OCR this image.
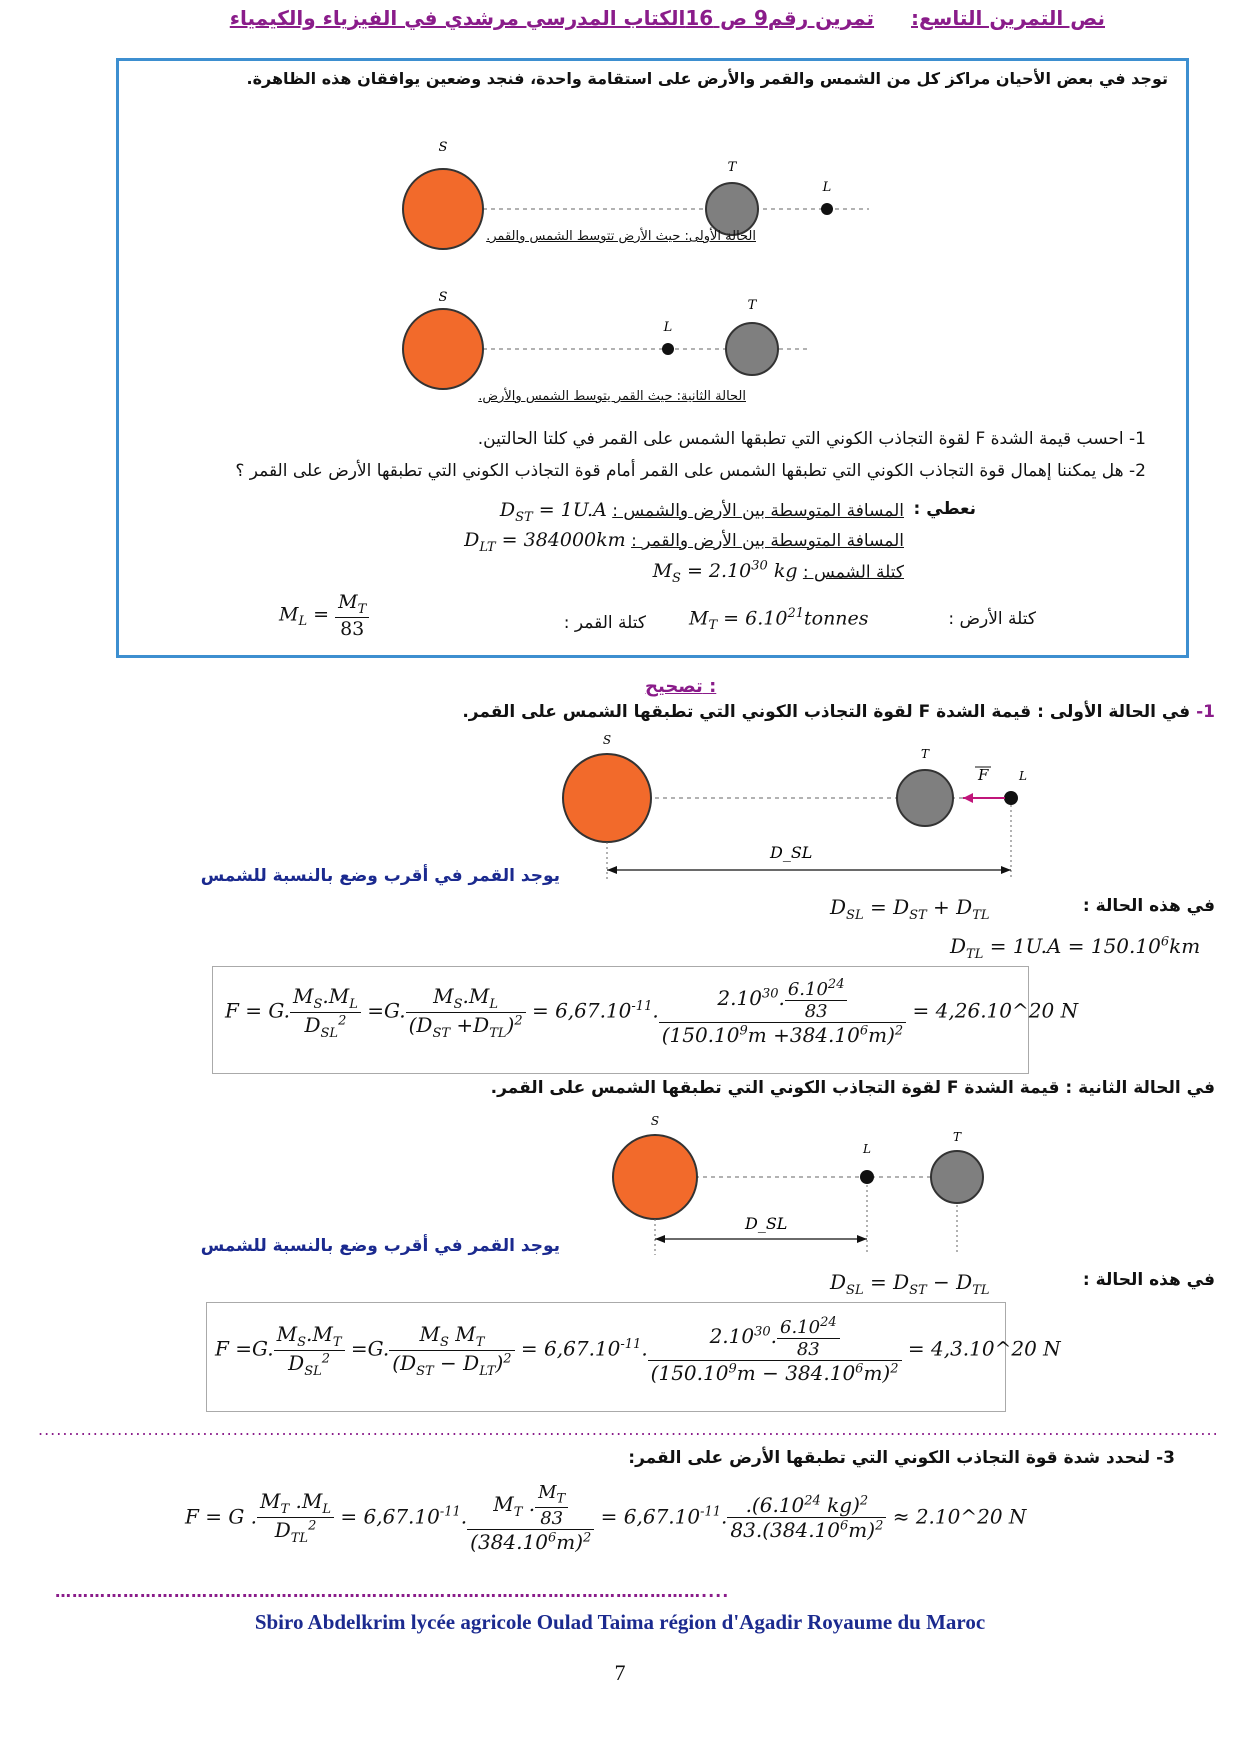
نص التمرين التاسع: تمرين رقم9 ص 16الكتاب المدرسي مرشدي في الفيزياء والكيمياء
توجد في بعض الأحيان مراكز كل من الشمس والقمر والأرض على استقامة واحدة، فنجد وضعين يوافقان هذه الظاهرة.
S
T
L
الحالة الأولى: حيث الأرض تتوسط الشمس والقمر.
S
L
T
الحالة الثانية: حيث القمر يتوسط الشمس والأرض.
1- احسب قيمة الشدة F لقوة التجاذب الكوني التي تطبقها الشمس على القمر في كلتا الحالتين.
2- هل يمكننا إهمال قوة التجاذب الكوني التي تطبقها الشمس على القمر أمام قوة التجاذب الكوني التي تطبقها الأرض على القمر ؟
نعطي :
المسافة المتوسطة بين الأرض والشمس : $D_{ST} = 1U.A$
المسافة المتوسطة بين الأرض والقمر : $D_{LT} = 384000km$
كتلة الشمس : $M_S = 2.10^{30}$ kg
كتلة الأرض :
$M_T$ = $6.10^{21}tonnes$
كتلة القمر :
$M_L = \frac{M_T}{83}$
تصحيح :
1- في الحالة الأولى : قيمة الشدة F لقوة التجاذب الكوني التي تطبقها الشمس على القمر.
F
S
T
L
D_SL
يوجد القمر في أقرب وضع بالنسبة للشمس
في هذه الحالة :
$D_{SL} = D_{ST} + D_{TL}$
$D_{TL} = 1U.A = 150.10^6km$
F = G. $\frac{M_S.M_L}{D_{SL}^2} =G$. $\frac{M_S.M_L}{(D_{ST} +D_{TL})^2} = 6,67.10^{-11}$. $\frac{2.10^{30}. \frac{6.10^{24}}{83}}{(150.10^9m +384.10^6m)^2}$ = 4,26.10^20 N
في الحالة الثانية : قيمة الشدة F لقوة التجاذب الكوني التي تطبقها الشمس على القمر.
S
L
T
D_SL
يوجد القمر في أقرب وضع بالنسبة للشمس
في هذه الحالة :
$D_{SL} = D_{ST} - D_{TL}$
F =G. $\frac{M_S.M_T}{D_{SL}^2} =G$. $\frac{M_S M_T}{(D_{ST} - D_{LT})^2} = 6,67.10^{-11}$. $\frac{2.10^{30}. \frac{6.10^{24}}{83}}{(150.10^9m - 384.10^6m)^2}$ = 4,3.10^20 N
..................................................................................................................................................................................................
3- لنحدد شدة قوة التجاذب الكوني التي تطبقها الأرض على القمر:
F = G . $\frac{M_T .M_L}{D_{TL}^2} = 6,67.10^{-11}$. $\frac{M_T . \frac{M_T}{83}}{(384.10^6m)^2} = 6,67.10^{-11}$. $\frac{.(6.10^{24} kg)^2}{83.(384.10^6m)^2}$ ≈ 2.10^20 N
……………………………………………………………………………………………………....
Sbiro Abdelkrim lycée agricole Oulad Taima région d'Agadir Royaume du Maroc
7
